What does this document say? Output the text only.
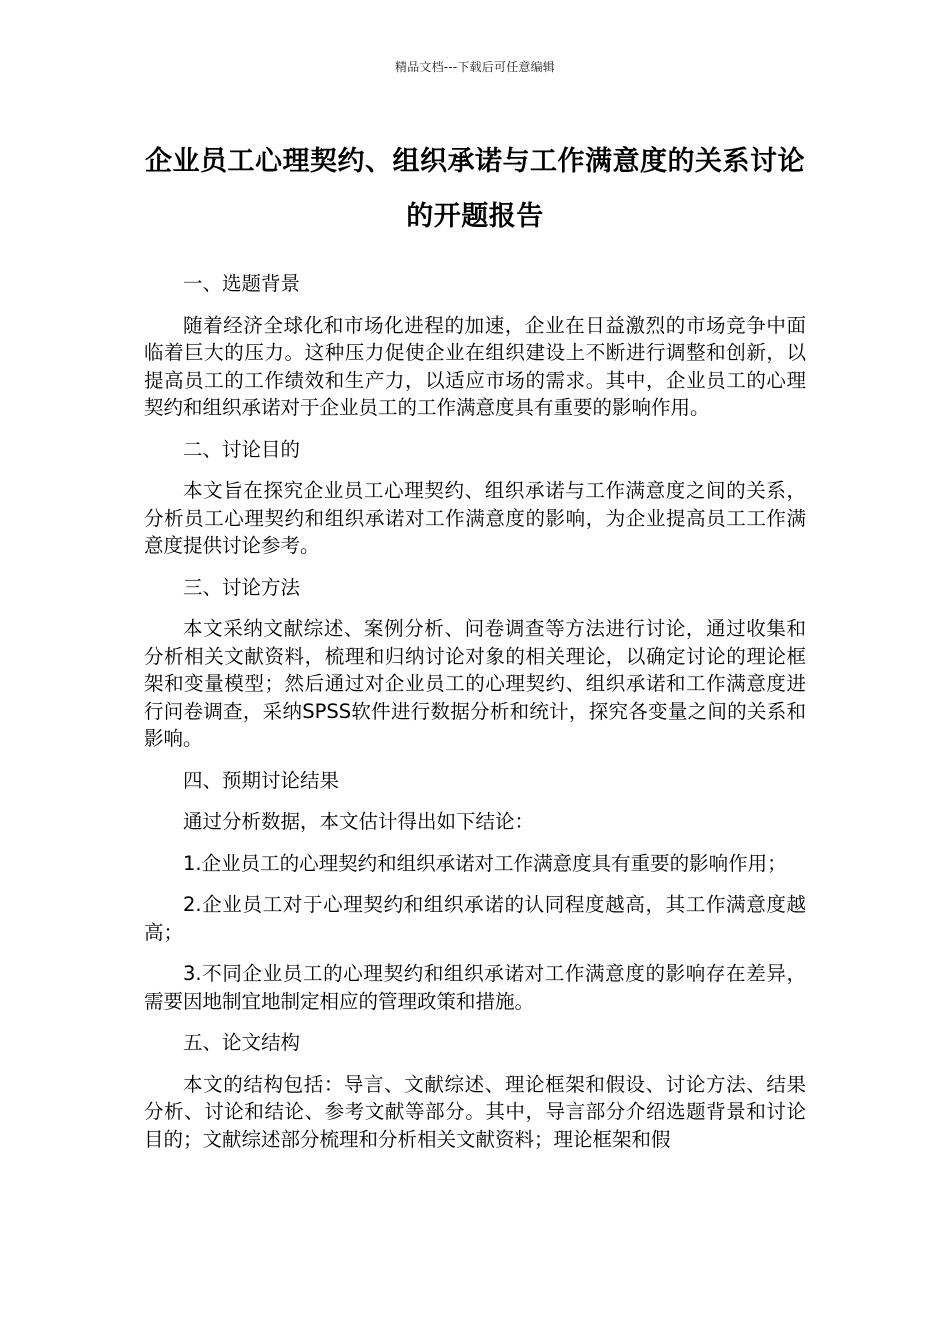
精品文档---下载后可任意编辑
企业员工心理契约、组织承诺与工作满意度的关系讨论的开题报告

一、选题背景

随着经济全球化和市场化进程的加速，企业在日益激烈的市场竞争中面临着巨大的压力。这种压力促使企业在组织建设上不断进行调整和创新，以提高员工的工作绩效和生产力，以适应市场的需求。其中，企业员工的心理契约和组织承诺对于企业员工的工作满意度具有重要的影响作用。

二、讨论目的

本文旨在探究企业员工心理契约、组织承诺与工作满意度之间的关系，分析员工心理契约和组织承诺对工作满意度的影响，为企业提高员工工作满意度提供讨论参考。

三、讨论方法

本文采纳文献综述、案例分析、问卷调查等方法进行讨论，通过收集和分析相关文献资料，梳理和归纳讨论对象的相关理论，以确定讨论的理论框架和变量模型；然后通过对企业员工的心理契约、组织承诺和工作满意度进行问卷调查，采纳SPSS软件进行数据分析和统计，探究各变量之间的关系和影响。

四、预期讨论结果

通过分析数据，本文估计得出如下结论：

1.企业员工的心理契约和组织承诺对工作满意度具有重要的影响作用；

2.企业员工对于心理契约和组织承诺的认同程度越高，其工作满意度越高；

3.不同企业员工的心理契约和组织承诺对工作满意度的影响存在差异，需要因地制宜地制定相应的管理政策和措施。

五、论文结构

本文的结构包括：导言、文献综述、理论框架和假设、讨论方法、结果分析、讨论和结论、参考文献等部分。其中，导言部分介绍选题背景和讨论目的；文献综述部分梳理和分析相关文献资料；理论框架和假
